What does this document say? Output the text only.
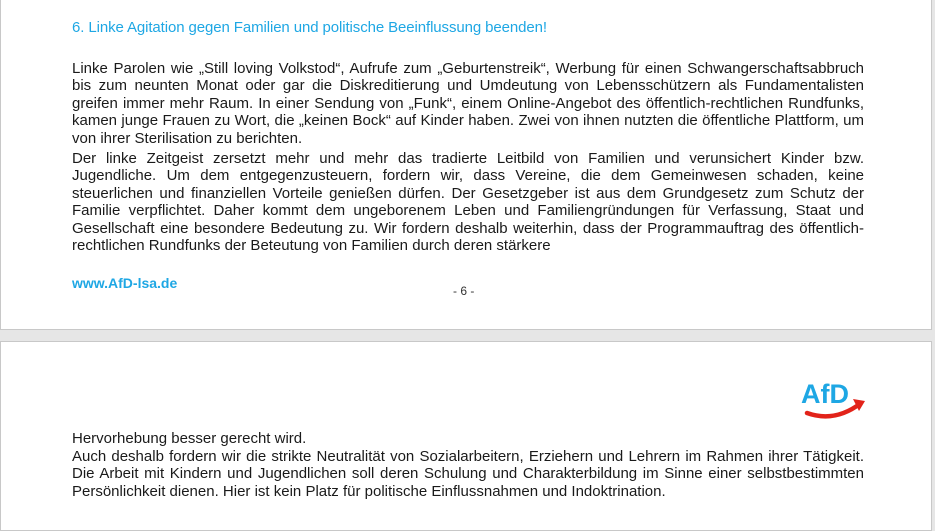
6. Linke Agitation gegen Familien und politische Beeinflussung beenden!

Linke Parolen wie „Still loving Volkstod“, Aufrufe zum „Geburtenstreik“, Werbung für einen Schwangerschaftsabbruch bis zum neunten Monat oder gar die Diskreditierung und Umdeutung von Lebensschützern als Fundamentalisten greifen immer mehr Raum. In einer Sendung von „Funk“, einem Online-Angebot des öffentlich-rechtlichen Rundfunks, kamen junge Frauen zu Wort, die „keinen Bock“ auf Kinder haben. Zwei von ihnen nutzten die öffentliche Plattform, um von ihrer Sterilisation zu berichten.

Der linke Zeitgeist zersetzt mehr und mehr das tradierte Leitbild von Familien und verunsichert Kinder bzw. Jugendliche. Um dem entgegenzusteuern, fordern wir, dass Vereine, die dem Gemeinwesen schaden, keine steuerlichen und finanziellen Vorteile genießen dürfen. Der Gesetzgeber ist aus dem Grundgesetz zum Schutz der Familie verpflichtet. Daher kommt dem ungeborenem Leben und Familiengründungen für Verfassung, Staat und Gesellschaft eine besondere Bedeutung zu. Wir fordern deshalb weiterhin, dass der Programmauftrag des öffentlich-rechtlichen Rundfunks der Beteutung von Familien durch deren stärkere

www.AfD-lsa.de	- 6 -
AfD

Hervorhebung besser gerecht wird.

Auch deshalb fordern wir die strikte Neutralität von Sozialarbeitern, Erziehern und Lehrern im Rahmen ihrer Tätigkeit. Die Arbeit mit Kindern und Jugendlichen soll deren Schulung und Charakterbildung im Sinne einer selbstbestimmten Persönlichkeit dienen. Hier ist kein Platz für politische Einflussnahmen und Indoktrination.
